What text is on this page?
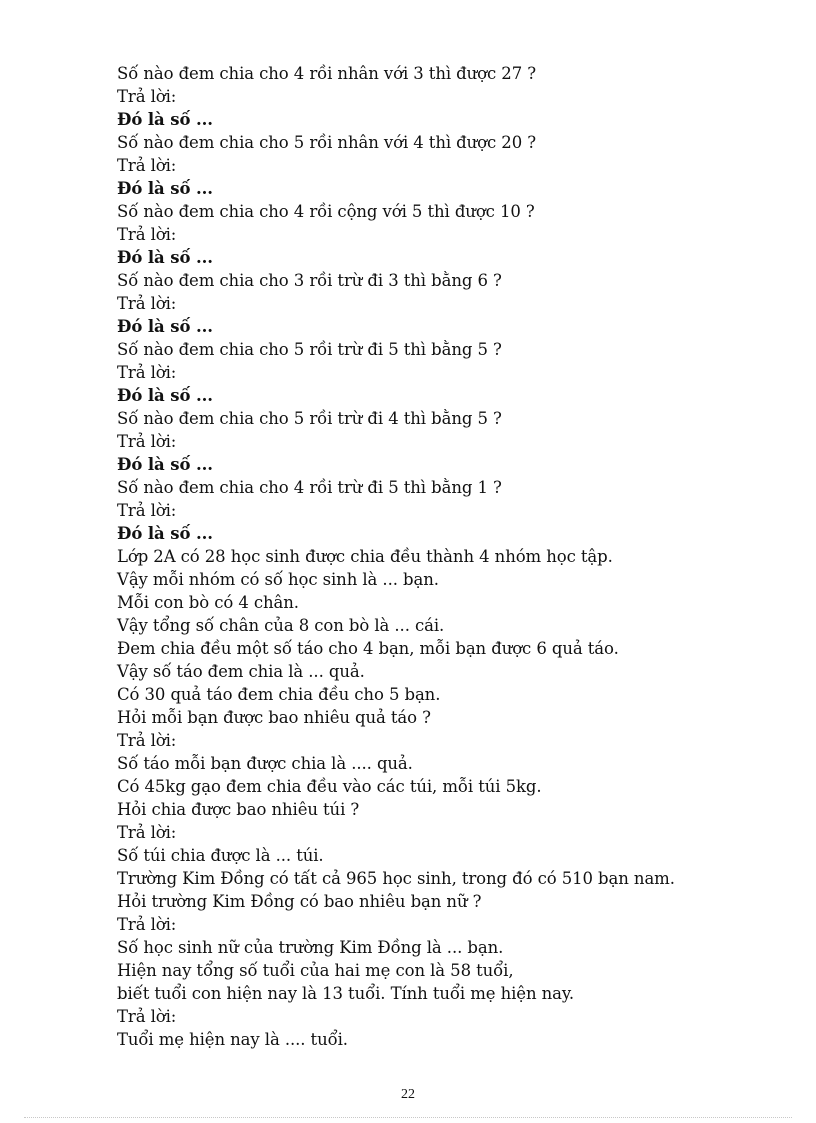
Số nào đem chia cho 4 rồi nhân với 3 thì được 27 ?
Trả lời:
Đó là số ...
Số nào đem chia cho 5 rồi nhân với 4 thì được 20 ?
Trả lời:
Đó là số ...
Số nào đem chia cho 4 rồi cộng với 5 thì được 10 ?
Trả lời:
Đó là số ...
Số nào đem chia cho 3 rồi trừ đi 3 thì bằng 6 ?
Trả lời:
Đó là số ...
Số nào đem chia cho 5 rồi trừ đi 5 thì bằng 5 ?
Trả lời:
Đó là số ...
Số nào đem chia cho 5 rồi trừ đi 4 thì bằng 5 ?
Trả lời:
Đó là số ...
Số nào đem chia cho 4 rồi trừ đi 5 thì bằng 1 ?
Trả lời:
Đó là số ...
Lớp 2A có 28 học sinh được chia đều thành 4 nhóm học tập.
Vậy mỗi nhóm có số học sinh là ... bạn.
Mỗi con bò có 4 chân.
Vậy tổng số chân của 8 con bò là ... cái.
Đem chia đều một số táo cho 4 bạn, mỗi bạn được 6 quả táo.
Vậy số táo đem chia là ... quả.
Có 30 quả táo đem chia đều cho 5 bạn.
Hỏi mỗi bạn được bao nhiêu quả táo ?
Trả lời:
Số táo mỗi bạn được chia là .... quả.
Có 45kg gạo đem chia đều vào các túi, mỗi túi 5kg.
Hỏi chia được bao nhiêu túi ?
Trả lời:
Số túi chia được là ... túi.
Trường Kim Đồng có tất cả 965 học sinh, trong đó có 510 bạn nam.
Hỏi trường Kim Đồng có bao nhiêu bạn nữ ?
Trả lời:
Số học sinh nữ của trường Kim Đồng là ... bạn.
Hiện nay tổng số tuổi của hai mẹ con là 58 tuổi,
biết tuổi con hiện nay là 13 tuổi. Tính tuổi mẹ hiện nay.
Trả lời:
Tuổi mẹ hiện nay là .... tuổi.
22
